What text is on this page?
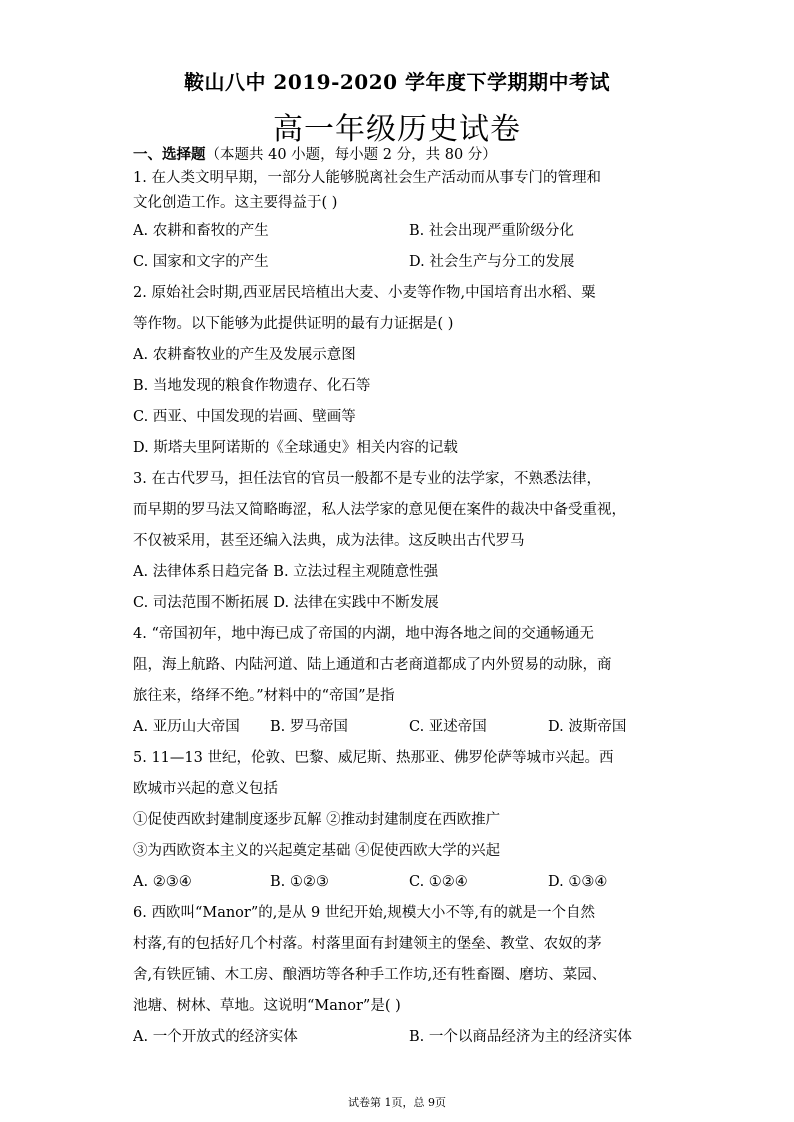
鞍山八中 2019-2020 学年度下学期期中考试
高一年级历史试卷
一、选择题（本题共 40 小题，每小题 2 分，共 80 分）
1. 在人类文明早期，一部分人能够脱离社会生产活动而从事专门的管理和
文化创造工作。这主要得益于( )
A. 农耕和畜牧的产生	B. 社会出现严重阶级分化
C. 国家和文字的产生	D. 社会生产与分工的发展
2. 原始社会时期,西亚居民培植出大麦、小麦等作物,中国培育出水稻、粟
等作物。以下能够为此提供证明的最有力证据是( )
A. 农耕畜牧业的产生及发展示意图
B. 当地发现的粮食作物遗存、化石等
C. 西亚、中国发现的岩画、壁画等
D. 斯塔夫里阿诺斯的《全球通史》相关内容的记载
3. 在古代罗马，担任法官的官员一般都不是专业的法学家，不熟悉法律，
而早期的罗马法又简略晦涩，私人法学家的意见便在案件的裁决中备受重视，
不仅被采用，甚至还编入法典，成为法律。这反映出古代罗马
A. 法律体系日趋完备 B. 立法过程主观随意性强
C. 司法范围不断拓展 D. 法律在实践中不断发展
4. “帝国初年，地中海已成了帝国的内湖，地中海各地之间的交通畅通无
阻，海上航路、内陆河道、陆上通道和古老商道都成了内外贸易的动脉，商
旅往来，络绎不绝。”材料中的“帝国”是指
A. 亚历山大帝国 B. 罗马帝国	C. 亚述帝国	D. 波斯帝国
5. 11—13 世纪，伦敦、巴黎、威尼斯、热那亚、佛罗伦萨等城市兴起。西
欧城市兴起的意义包括
①促使西欧封建制度逐步瓦解 ②推动封建制度在西欧推广
③为西欧资本主义的兴起奠定基础 ④促使西欧大学的兴起
A. ②③④	B. ①②③	C. ①②④	D. ①③④
6. 西欧叫“Manor”的,是从 9 世纪开始,规模大小不等,有的就是一个自然
村落,有的包括好几个村落。村落里面有封建领主的堡垒、教堂、农奴的茅
舍,有铁匠铺、木工房、酿酒坊等各种手工作坊,还有牲畜圈、磨坊、菜园、
池塘、树林、草地。这说明“Manor”是( )
A. 一个开放式的经济实体	B. 一个以商品经济为主的经济实体
试卷第 1页，总 9页
